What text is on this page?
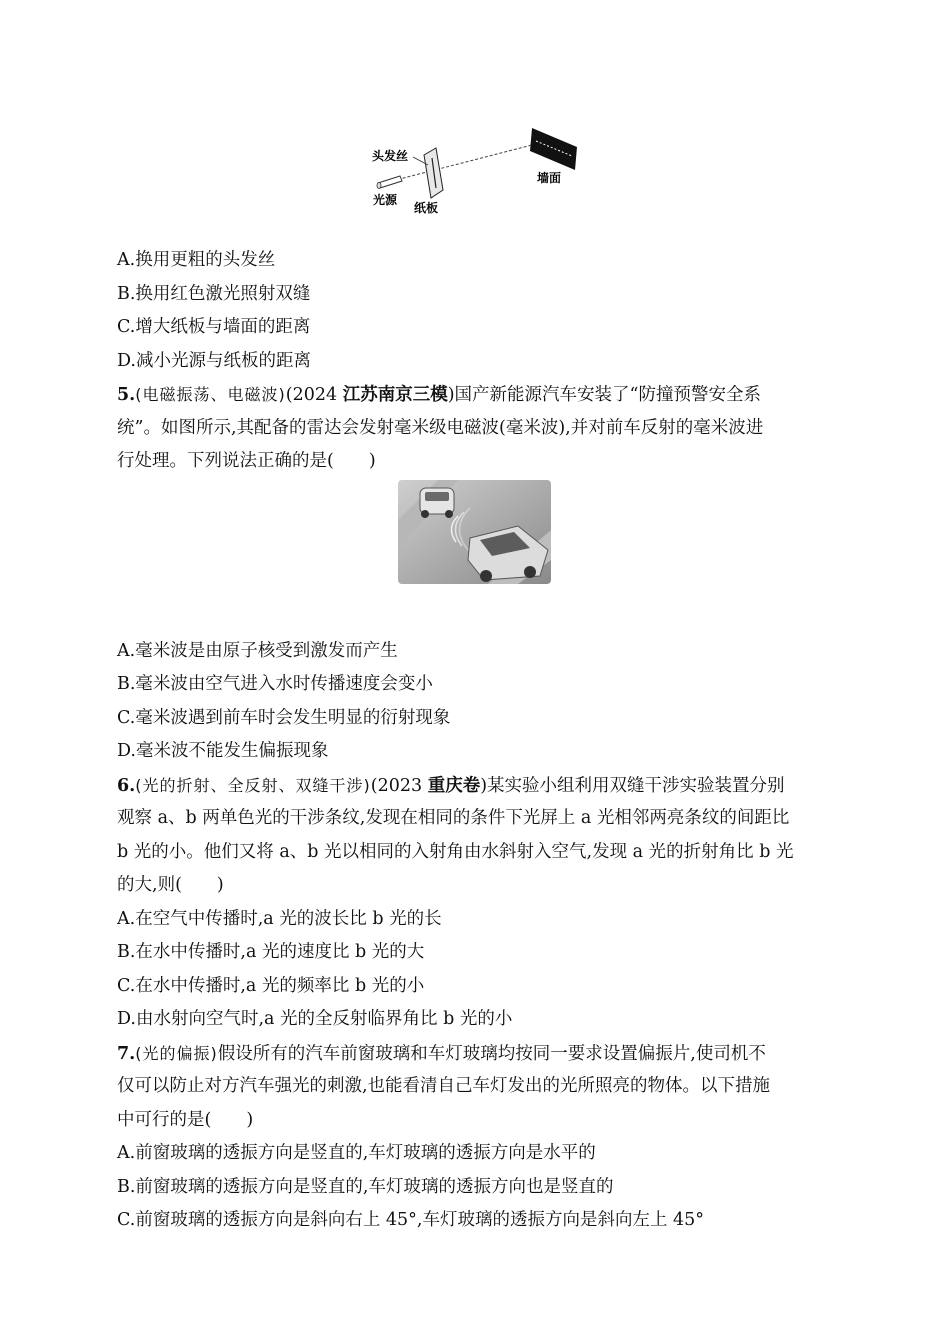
头发丝
光源
纸板
墙面
A.换用更粗的头发丝
B.换用红色激光照射双缝
C.增大纸板与墙面的距离
D.减小光源与纸板的距离
5.(电磁振荡、电磁波)(2024 江苏南京三模)国产新能源汽车安装了“防撞预警安全系
统”。如图所示,其配备的雷达会发射毫米级电磁波(毫米波),并对前车反射的毫米波进
行处理。下列说法正确的是(　　)
A.毫米波是由原子核受到激发而产生
B.毫米波由空气进入水时传播速度会变小
C.毫米波遇到前车时会发生明显的衍射现象
D.毫米波不能发生偏振现象
6.(光的折射、全反射、双缝干涉)(2023 重庆卷)某实验小组利用双缝干涉实验装置分别
观察 a、b 两单色光的干涉条纹,发现在相同的条件下光屏上 a 光相邻两亮条纹的间距比
b 光的小。他们又将 a、b 光以相同的入射角由水斜射入空气,发现 a 光的折射角比 b 光
的大,则(　　)
A.在空气中传播时,a 光的波长比 b 光的长
B.在水中传播时,a 光的速度比 b 光的大
C.在水中传播时,a 光的频率比 b 光的小
D.由水射向空气时,a 光的全反射临界角比 b 光的小
7.(光的偏振)假设所有的汽车前窗玻璃和车灯玻璃均按同一要求设置偏振片,使司机不
仅可以防止对方汽车强光的刺激,也能看清自己车灯发出的光所照亮的物体。以下措施
中可行的是(　　)
A.前窗玻璃的透振方向是竖直的,车灯玻璃的透振方向是水平的
B.前窗玻璃的透振方向是竖直的,车灯玻璃的透振方向也是竖直的
C.前窗玻璃的透振方向是斜向右上 45°,车灯玻璃的透振方向是斜向左上 45°
